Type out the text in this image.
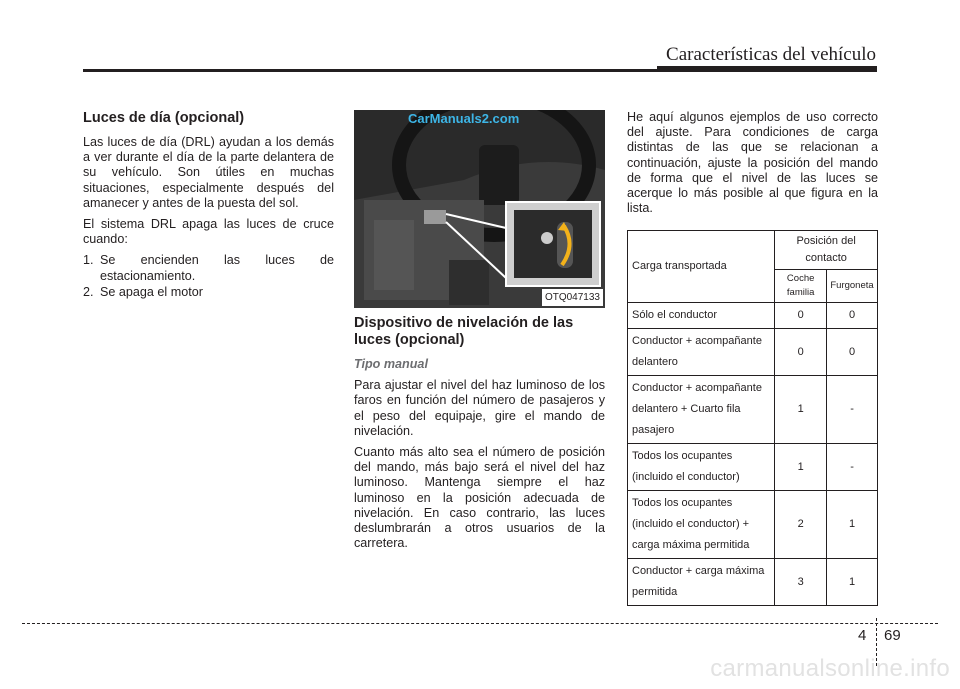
Características del vehículo
Luces de día (opcional)

Las luces de día (DRL) ayudan a los demás a ver durante el día de la parte delantera de su vehículo. Son útiles en muchas situaciones, especialmente después del amanecer y antes de la puesta del sol.

El sistema DRL apaga las luces de cruce cuando:

1. Se encienden las luces de estacionamiento.
2. Se apaga el motor
CarManuals2.com
OTQ047133
Dispositivo de nivelación de las luces (opcional)

Tipo manual

Para ajustar el nivel del haz luminoso de los faros en función del número de pasajeros y el peso del equipaje, gire el mando de nivelación.

Cuanto más alto sea el número de posición del mando, más bajo será el nivel del haz luminoso. Mantenga siempre el haz luminoso en la posición adecuada de nivelación. En caso contrario, las luces deslumbrarán a otros usuarios de la carretera.

He aquí algunos ejemplos de uso correcto del ajuste. Para condiciones de carga distintas de las que se relacionan a continuación, ajuste la posición del mando de forma que el nivel de las luces se acerque lo más posible al que figura en la lista.

Carga transportada	Posición del contacto	
	Coche familia	Furgoneta
Sólo el conductor	0	0
Conductor + acompañante delantero	0	0
Conductor + acompañante delantero + Cuarto fila pasajero	1	-
Todos los ocupantes (incluido el conductor)	1	-
Todos los ocupantes (incluido el conductor) + carga máxima permitida	2	1
Conductor + carga máxima permitida	3	1
4 69
carmanualsonline.info
